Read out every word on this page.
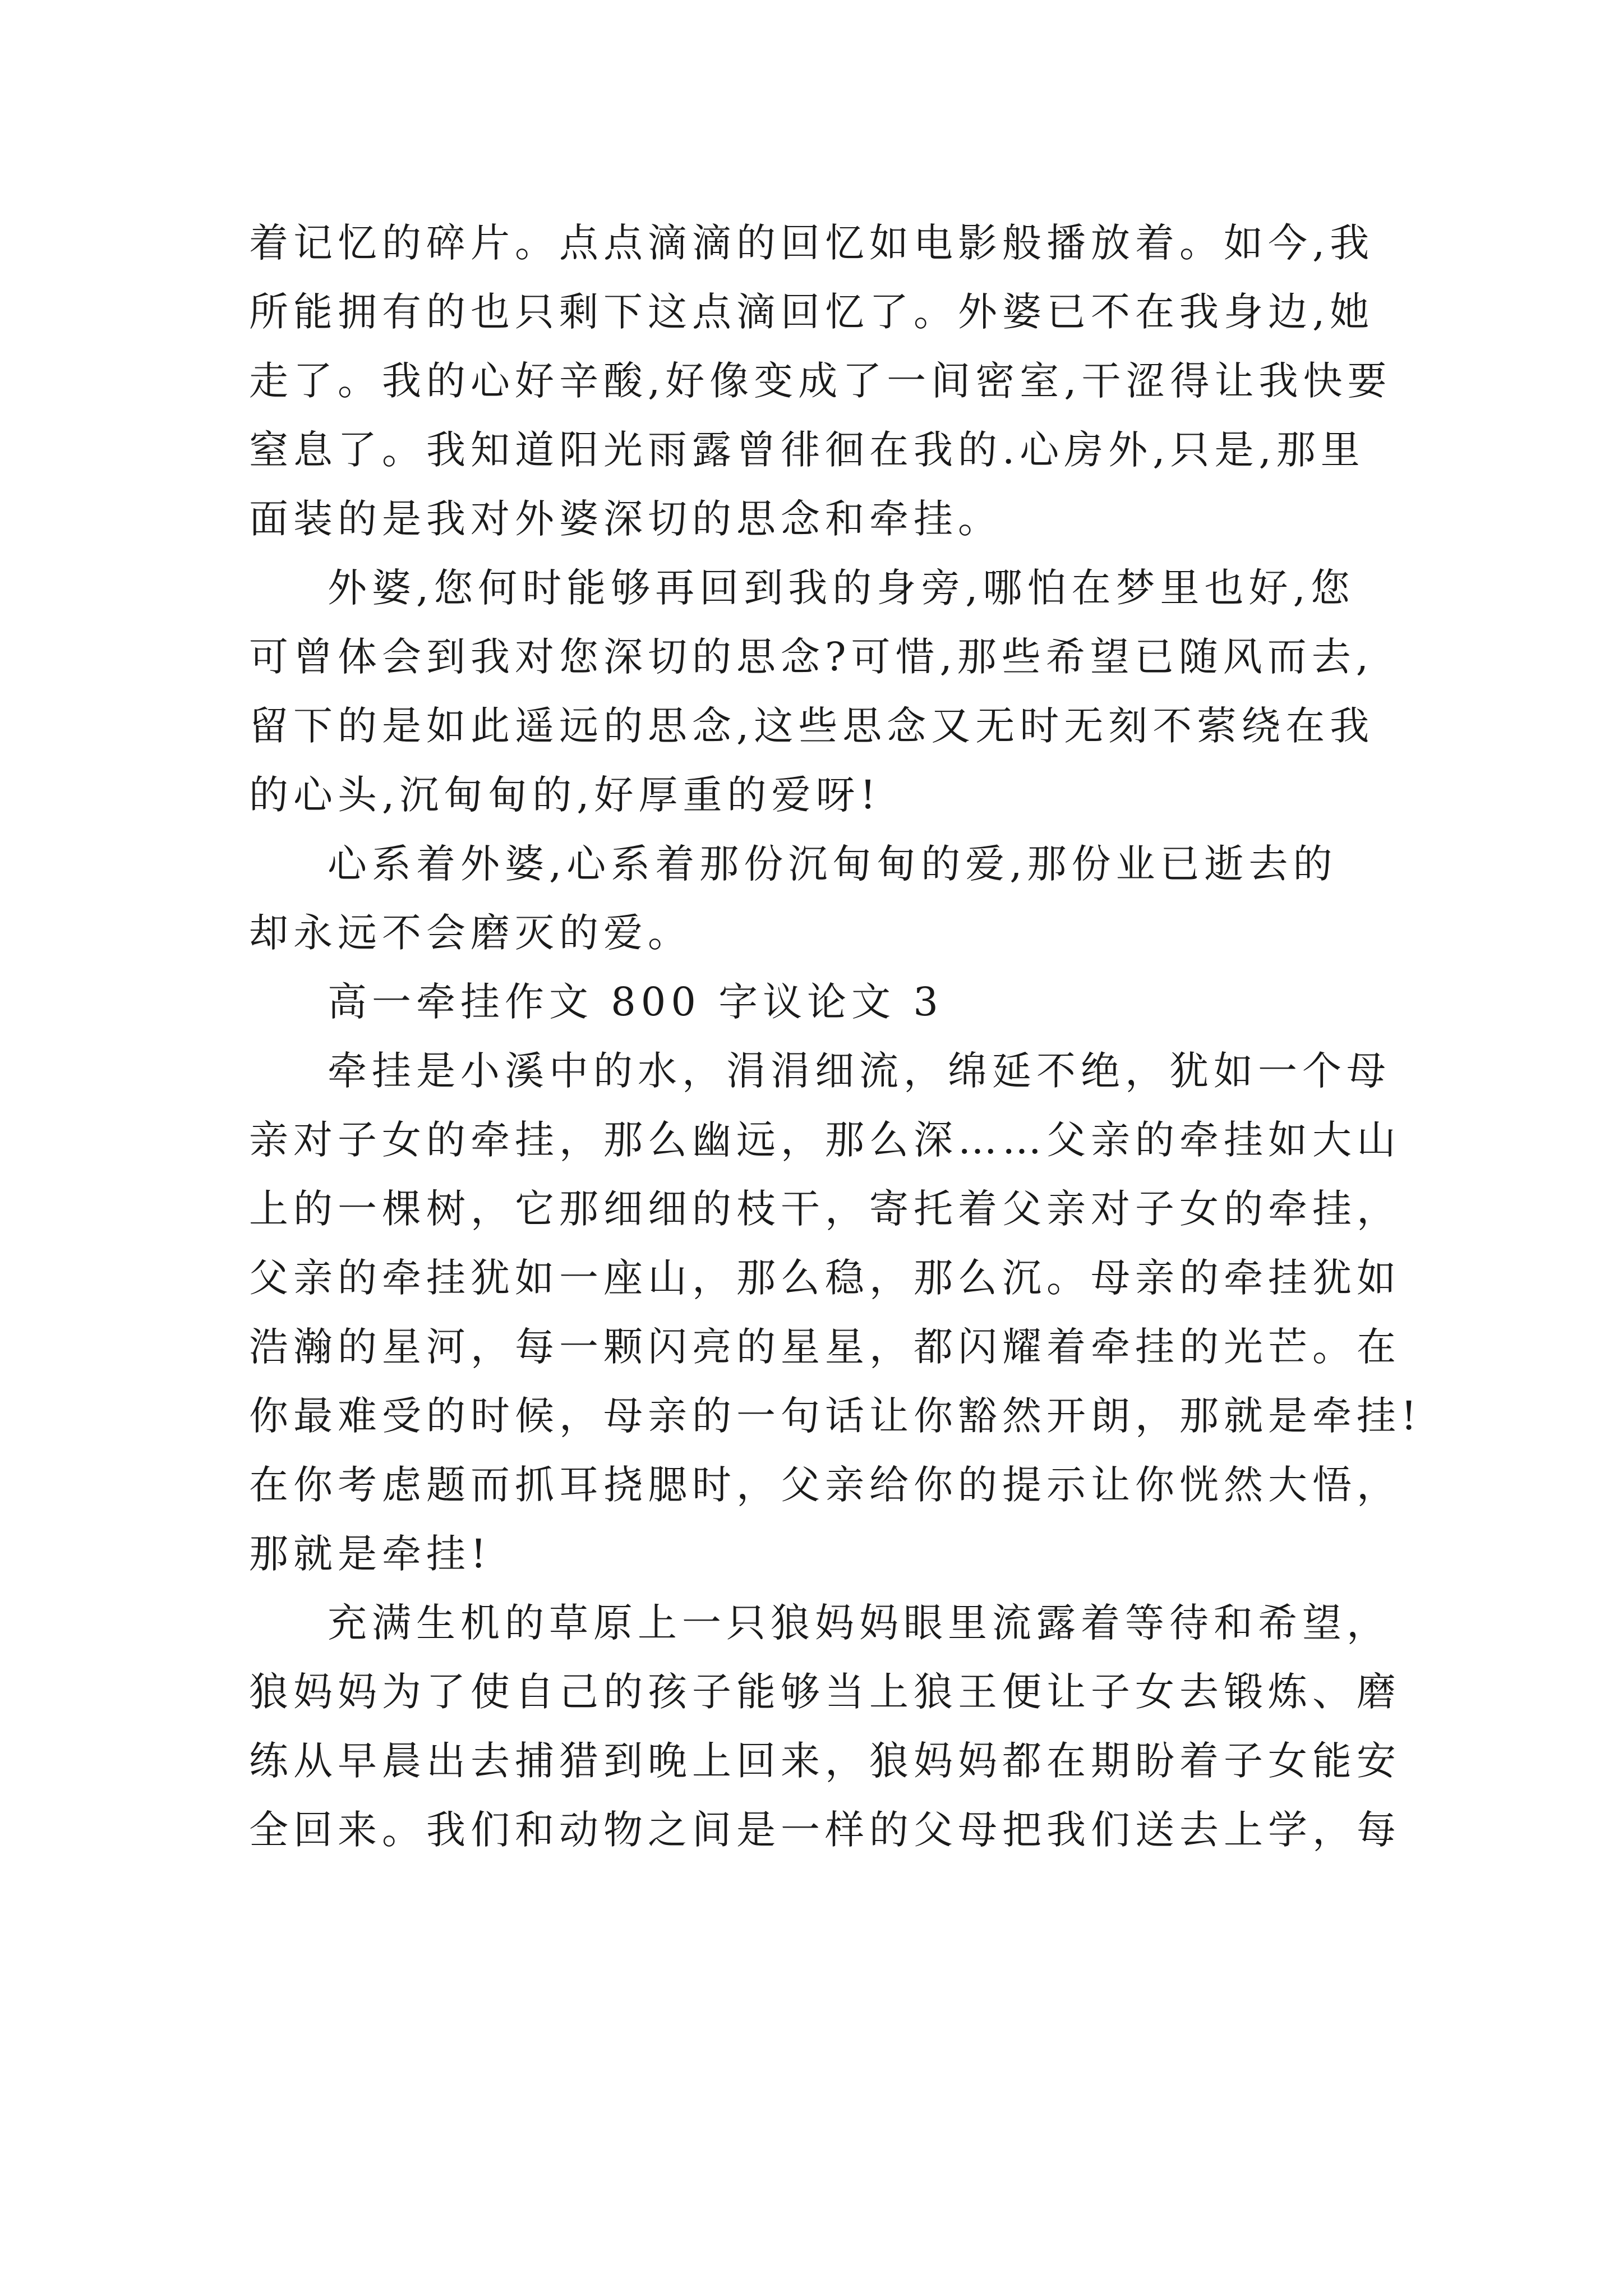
着记忆的碎片。点点滴滴的回忆如电影般播放着。如今,我
所能拥有的也只剩下这点滴回忆了。外婆已不在我身边,她
走了。我的心好辛酸,好像变成了一间密室,干涩得让我快要
窒息了。我知道阳光雨露曾徘徊在我的.心房外,只是,那里
面装的是我对外婆深切的思念和牵挂。
外婆,您何时能够再回到我的身旁,哪怕在梦里也好,您
可曾体会到我对您深切的思念?可惜,那些希望已随风而去,
留下的是如此遥远的思念,这些思念又无时无刻不萦绕在我
的心头,沉甸甸的,好厚重的爱呀!
心系着外婆,心系着那份沉甸甸的爱,那份业已逝去的
却永远不会磨灭的爱。
高一牵挂作文 800 字议论文 3
牵挂是小溪中的水，涓涓细流，绵延不绝，犹如一个母
亲对子女的牵挂，那么幽远，那么深……父亲的牵挂如大山
上的一棵树，它那细细的枝干，寄托着父亲对子女的牵挂，
父亲的牵挂犹如一座山，那么稳，那么沉。母亲的牵挂犹如
浩瀚的星河，每一颗闪亮的星星，都闪耀着牵挂的光芒。在
你最难受的时候，母亲的一句话让你豁然开朗，那就是牵挂!
在你考虑题而抓耳挠腮时，父亲给你的提示让你恍然大悟，
那就是牵挂!
充满生机的草原上一只狼妈妈眼里流露着等待和希望，
狼妈妈为了使自己的孩子能够当上狼王便让子女去锻炼、磨
练从早晨出去捕猎到晚上回来，狼妈妈都在期盼着子女能安
全回来。我们和动物之间是一样的父母把我们送去上学，每
